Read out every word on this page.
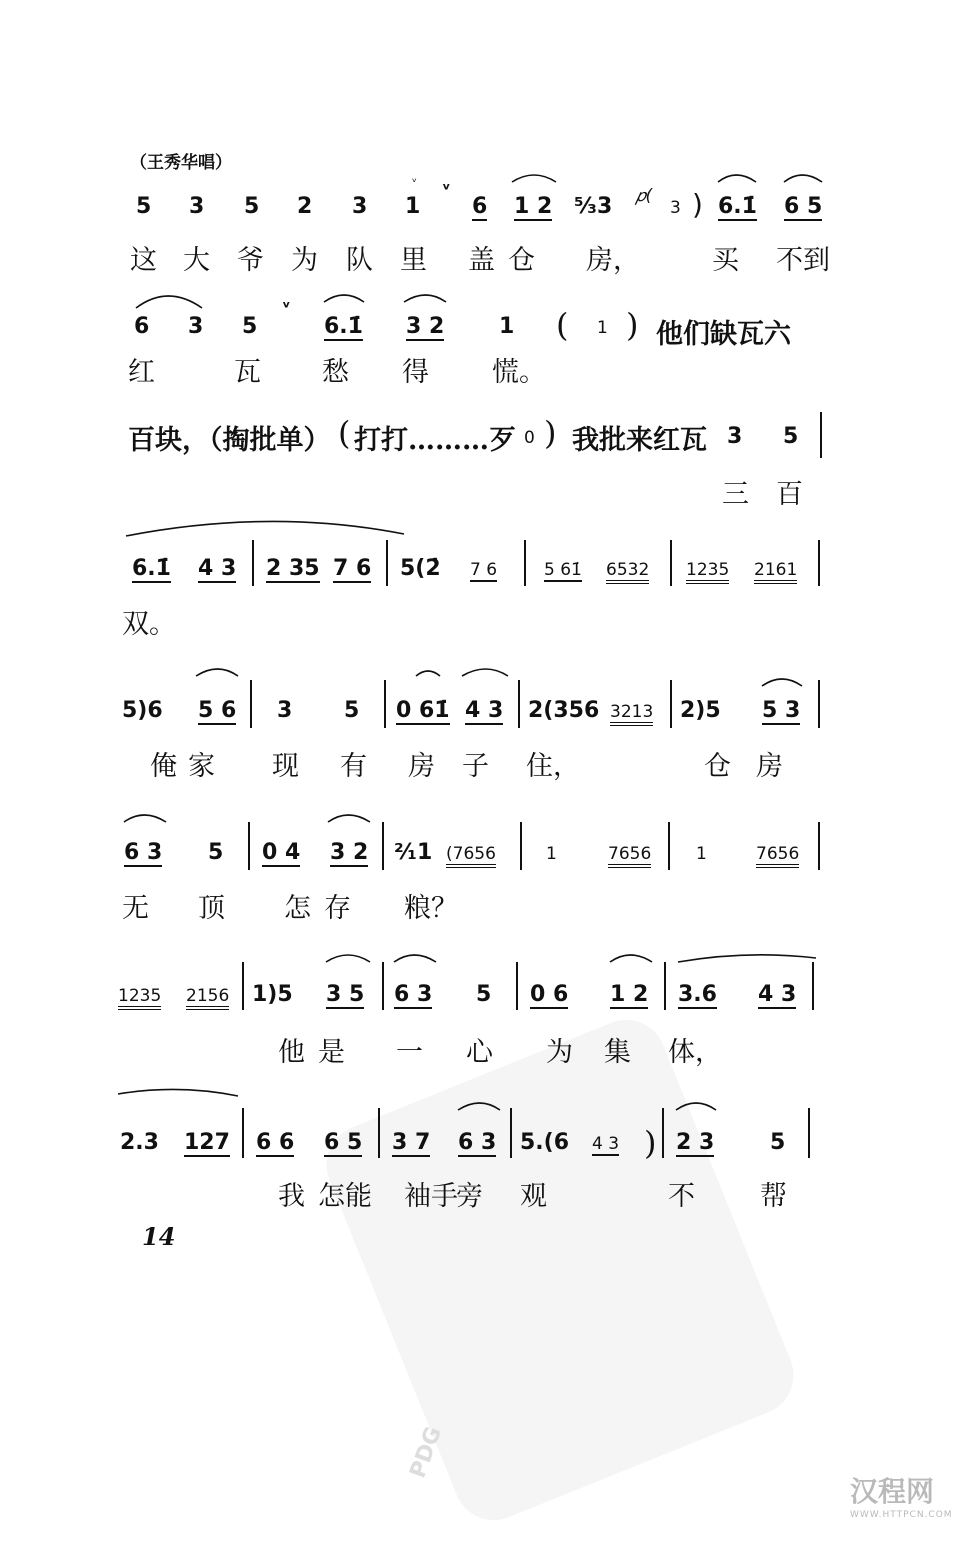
（王秀华唱）
5 3 5 2 3 1
ᵛ
6 1 2 ⁵⁄₃3 𝑝(
3 ) 6.1̇ 6 5
这 大 爷 为 队 里 盖 仓 房，	买 不到
6 3 5
ᵛ
6.1̇ 3 2 1 ( 1 ) 他们缺瓦六
红	瓦 愁 得 慌。
百块，（掏批单） ( 打打………歹 0 ) 我批来红瓦 3 5
三 百
6.1̇ 4 3 2 35 7 6 5(2̇ 7 6	5 61̇ 6532 1235 2161
双。
5)6 5 6 3 5 0 61̇ 4 3 2(356 3213 2)5 5 3
俺 家 现 有 房 子 住，	仓 房
6 3 5 0 4 3 2 ²⁄₁1 (7656	1	7656	1	7656
无 顶 怎 存 粮？
1235 2156 1)5 3 5 6 3 5 0 6 1 2 3.6 4 3
他 是 一 心 为 集 体，
2.3 127 6 6 6 5 3 7 6 3 5.(6 4 3 ) 2 3	5
我 怎能 袖手
旁 观	不 帮
14
ᵛ
汉程网
WWW.HTTPCN.COM
PDG
